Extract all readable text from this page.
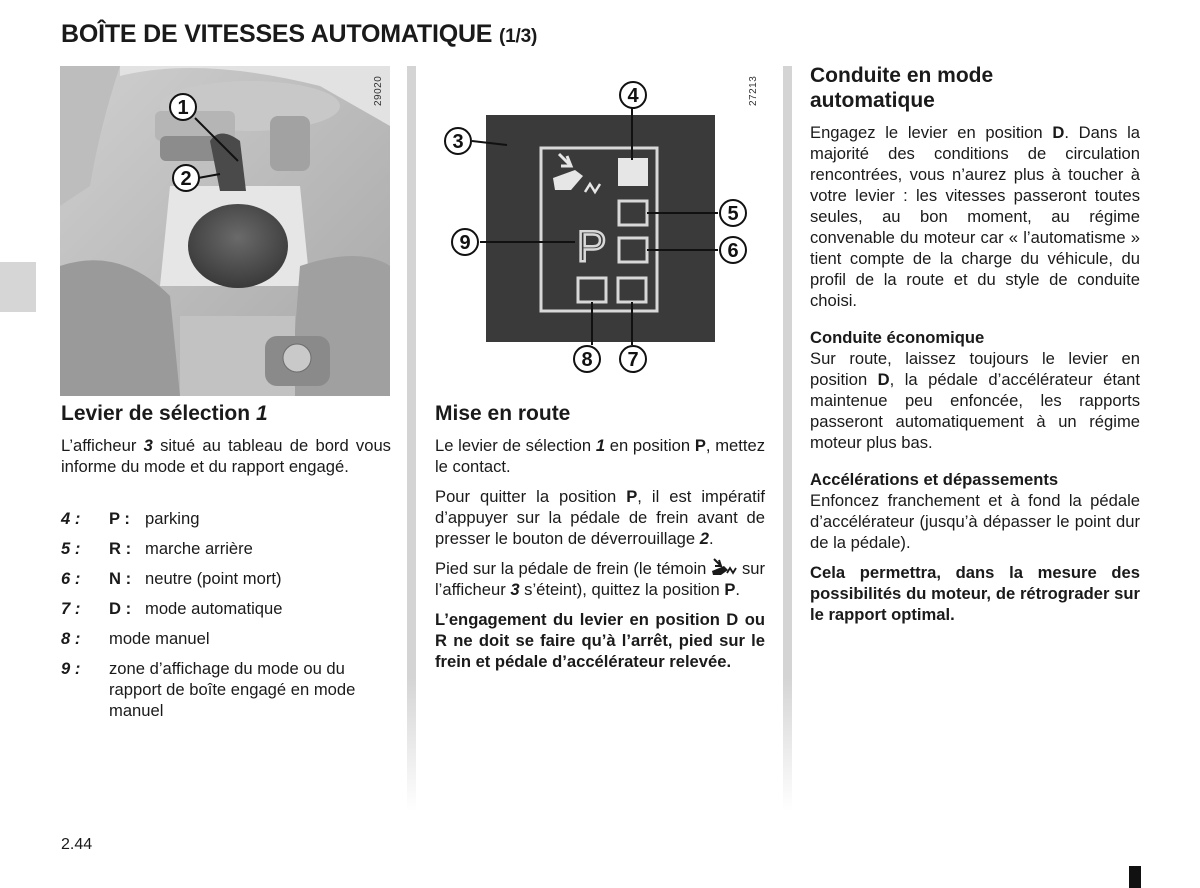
BOÎTE DE VITESSES AUTOMATIQUE (1/3)
1
2
29020
P
4
3
5
6
9
8 7
27213
Levier de sélection 1
L’afficheur 3 situé au tableau de bord vous informe du mode et du rapport engagé.
4 :	P : parking
5 :	R : marche arrière
6 :	N : neutre (point mort)
7 :	D : mode automatique
8 :	mode manuel
9 :	zone d’affichage du mode ou du rapport de boîte engagé en mode manuel
Mise en route

Le levier de sélection 1 en position P, mettez le contact.

Pour quitter la position P, il est impératif d’appuyer sur la pédale de frein avant de presser le bouton de déverrouillage 2.

Pied sur la pédale de frein (le témoin  sur l’afficheur 3 s’éteint), quittez la position P.

L’engagement du levier en position D ou R ne doit se faire qu’à l’arrêt, pied sur le frein et pédale d’accélérateur relevée.

Conduite en mode automatique

Engagez le levier en position D. Dans la majorité des conditions de circulation rencontrées, vous n’aurez plus à toucher à votre levier : les vitesses passeront toutes seules, au bon moment, au régime convenable du moteur car « l’automatisme » tient compte de la charge du véhicule, du profil de la route et du style de conduite choisi.

Conduite économique

Sur route, laissez toujours le levier en position D, la pédale d’accélérateur étant maintenue peu enfoncée, les rapports passeront automatiquement à un régime moteur plus bas.

Accélérations et dépassements

Enfoncez franchement et à fond la pédale d’accélérateur (jusqu’à dépasser le point dur de la pédale).

Cela permettra, dans la mesure des possibilités du moteur, de rétrograder sur le rapport optimal.

2.44
